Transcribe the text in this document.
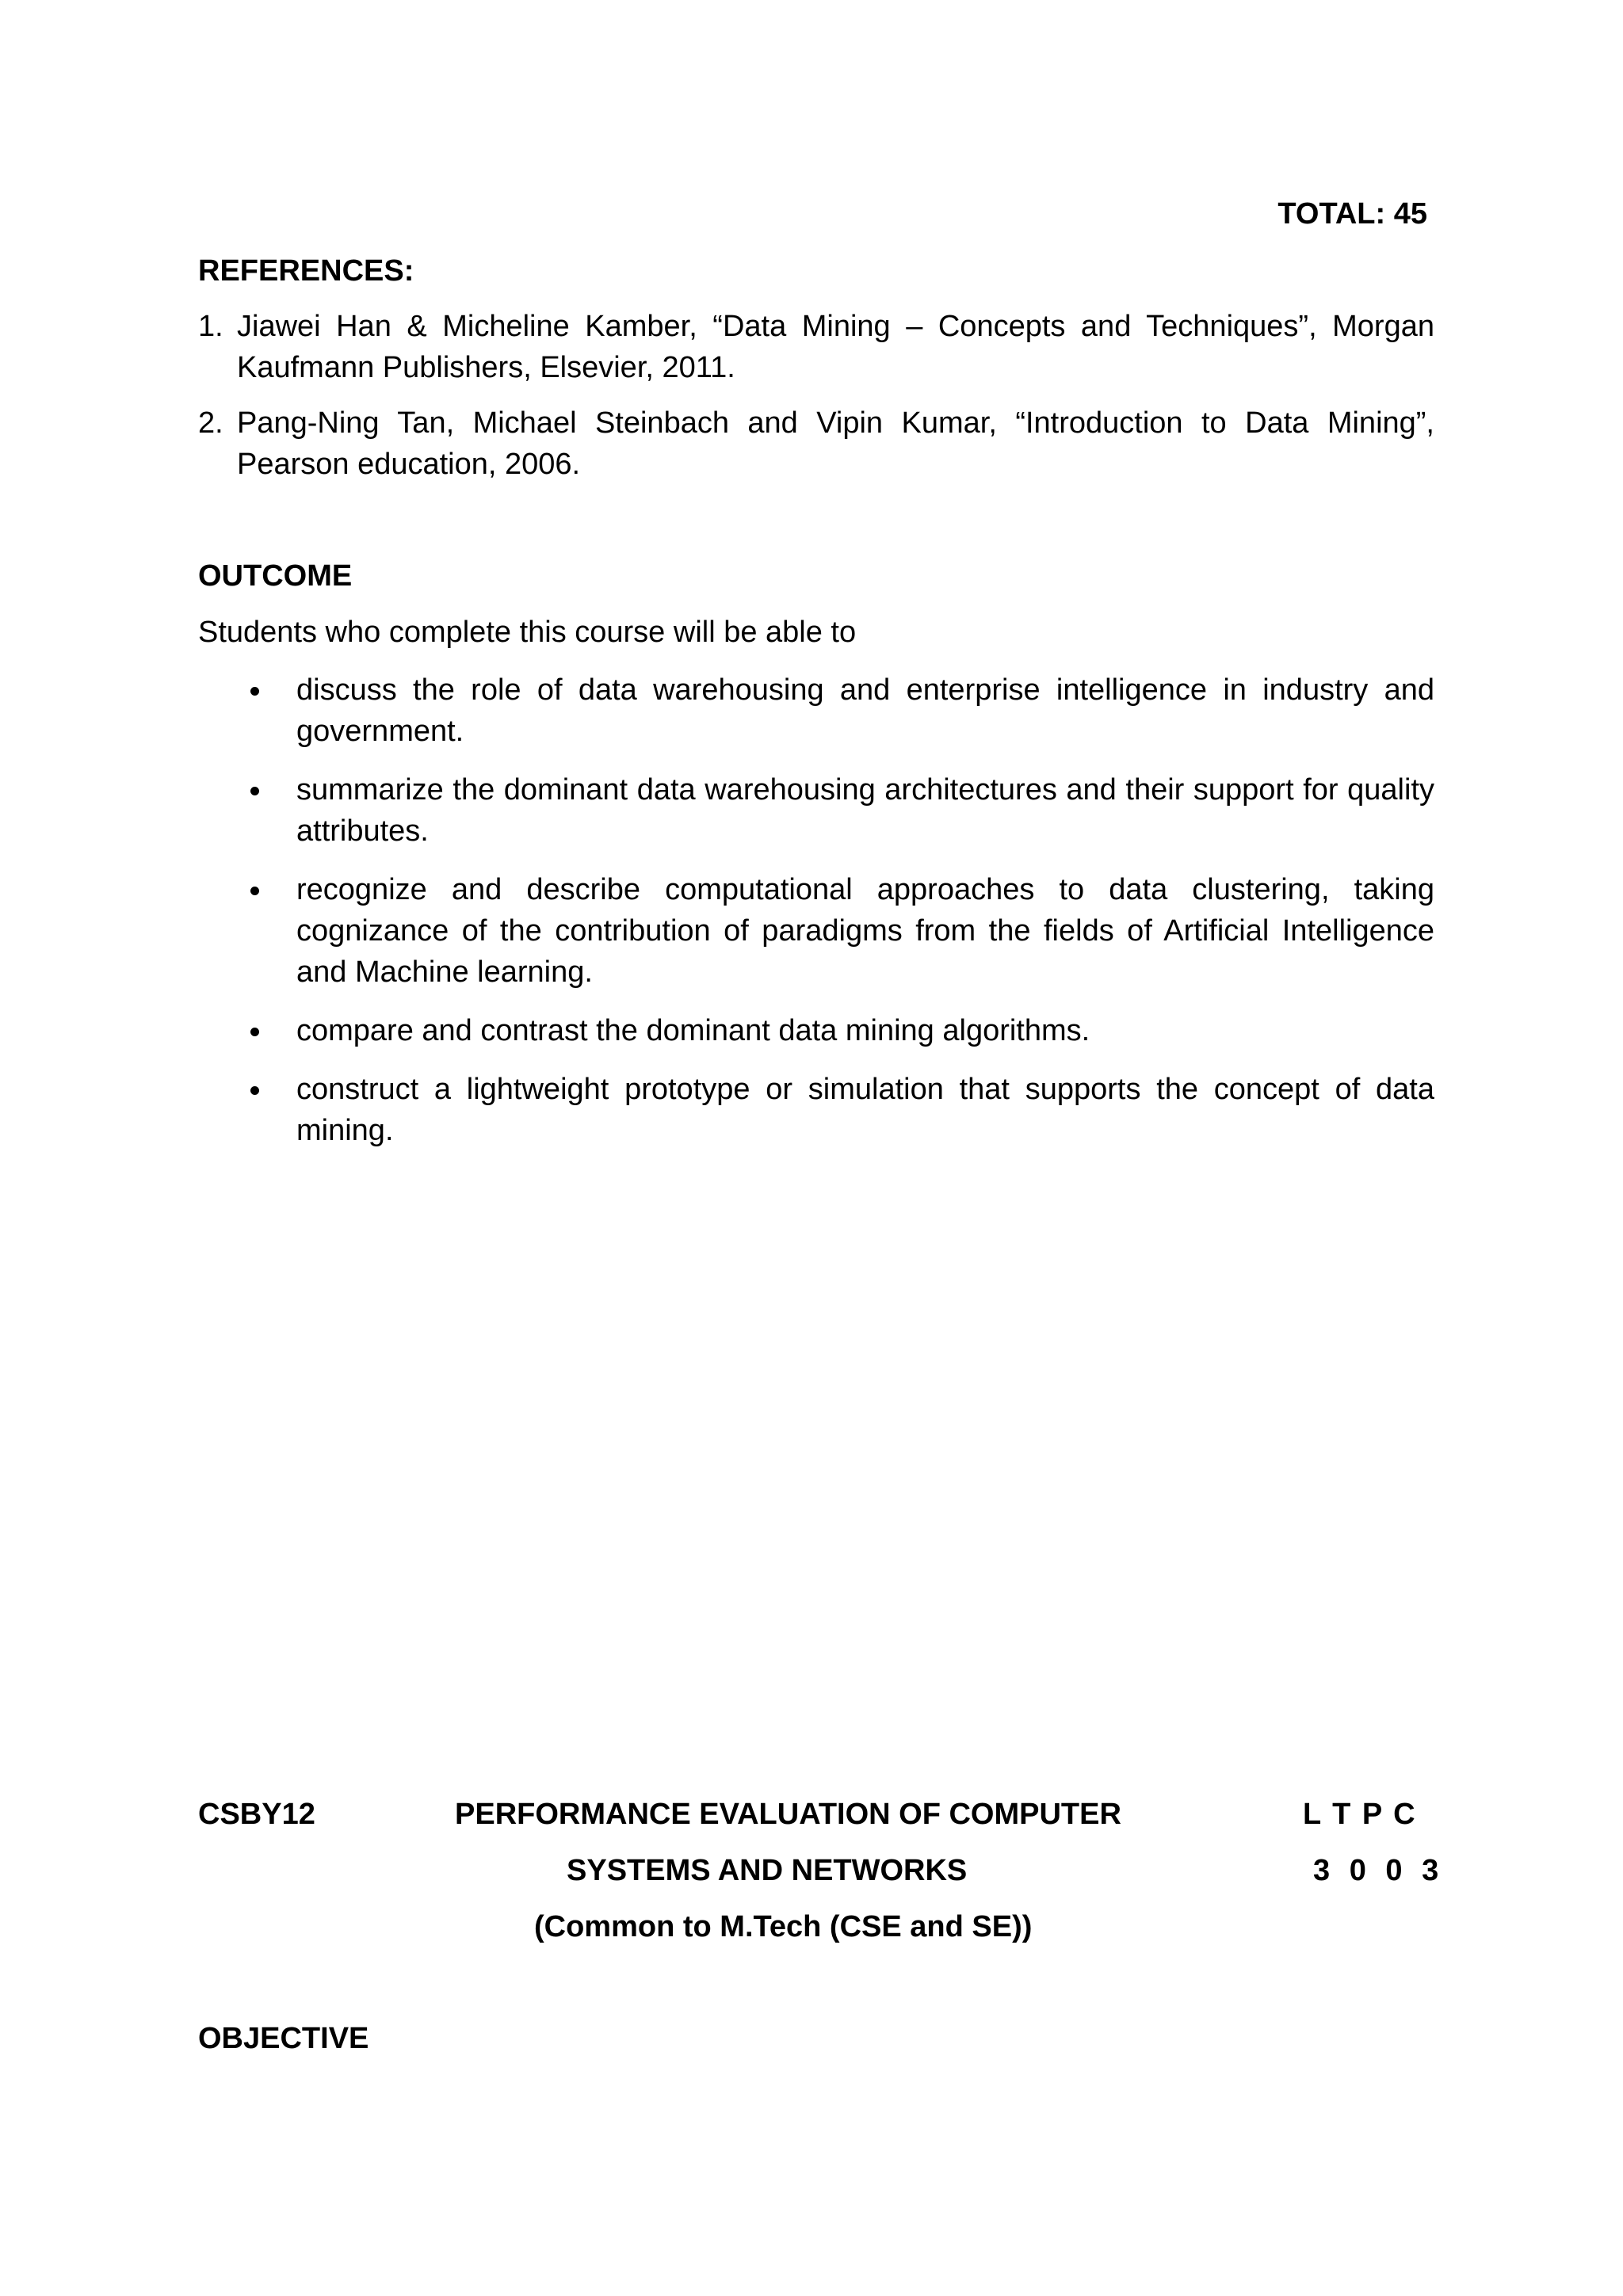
TOTAL: 45
REFERENCES:
1. Jiawei Han & Micheline Kamber, “Data Mining – Concepts and Techniques”, Morgan Kaufmann Publishers, Elsevier, 2011.
2. Pang-Ning Tan, Michael Steinbach and Vipin Kumar, “Introduction to Data Mining”, Pearson education, 2006.
OUTCOME
Students who complete this course will be able to
discuss the role of data warehousing and enterprise intelligence in industry and government.
summarize the dominant data warehousing architectures and their support for quality attributes.
recognize and describe computational approaches to data clustering, taking cognizance of the contribution of paradigms from the fields of Artificial Intelligence and Machine learning.
compare and contrast the dominant data mining algorithms.
construct a lightweight prototype or simulation that supports the concept of data mining.
CSBY12	PERFORMANCE EVALUATION OF COMPUTER
SYSTEMS AND NETWORKS
(Common to M.Tech (CSE and SE))
L T P C
3 0 0 3
OBJECTIVE
